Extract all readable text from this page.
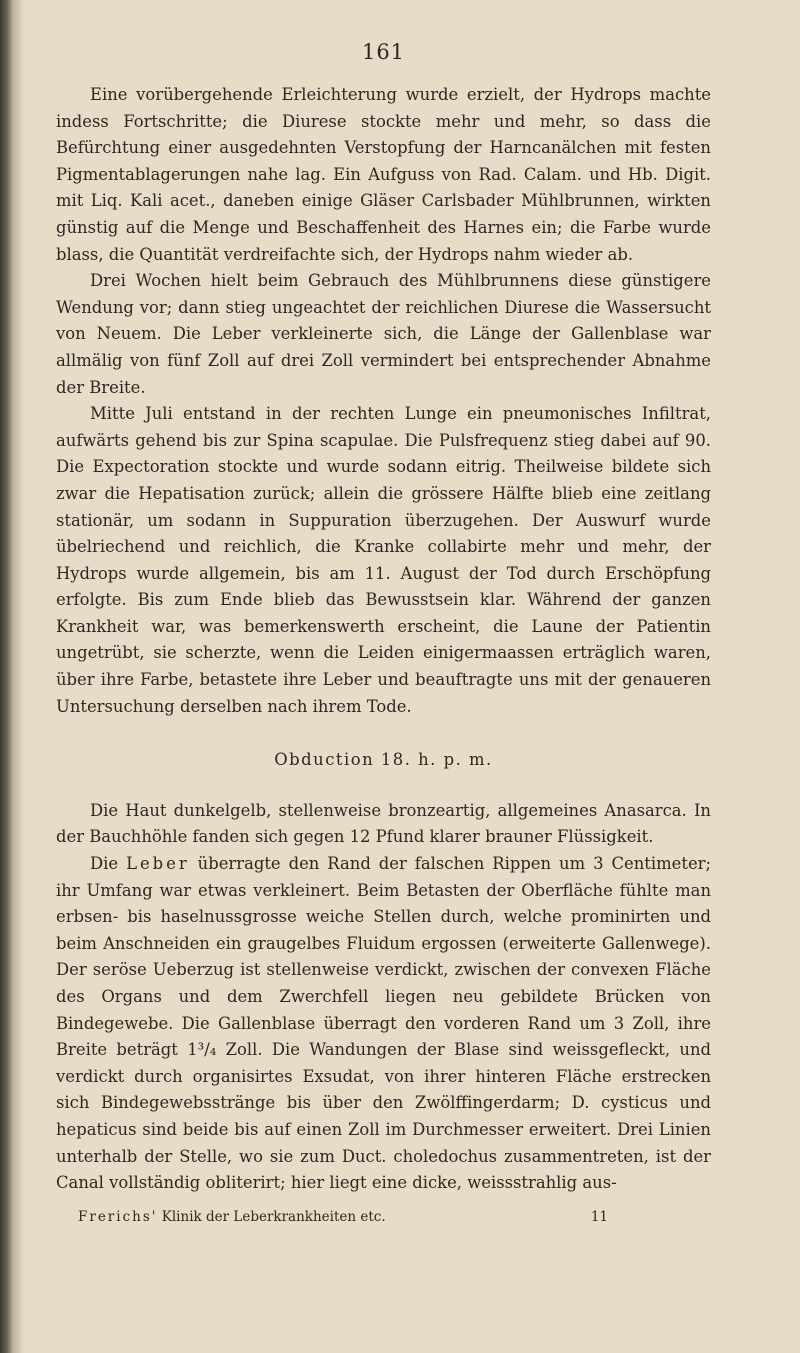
161

Eine vorübergehende Erleichterung wurde erzielt, der Hydrops machte indess Fortschritte; die Diurese stockte mehr und mehr, so dass die Befürchtung einer ausgedehnten Verstopfung der Harncanälchen mit festen Pigmentablagerungen nahe lag. Ein Aufguss von Rad. Calam. und Hb. Digit. mit Liq. Kali acet., daneben einige Gläser Carlsbader Mühlbrunnen, wirkten günstig auf die Menge und Beschaffenheit des Harnes ein; die Farbe wurde blass, die Quantität verdreifachte sich, der Hydrops nahm wieder ab.

Drei Wochen hielt beim Gebrauch des Mühlbrunnens diese günstigere Wendung vor; dann stieg ungeachtet der reichlichen Diurese die Wassersucht von Neuem. Die Leber verkleinerte sich, die Länge der Gallenblase war allmälig von fünf Zoll auf drei Zoll vermindert bei entsprechender Abnahme der Breite.

Mitte Juli entstand in der rechten Lunge ein pneumonisches Infiltrat, aufwärts gehend bis zur Spina scapulae. Die Pulsfrequenz stieg dabei auf 90. Die Expectoration stockte und wurde sodann eitrig. Theilweise bildete sich zwar die Hepatisation zurück; allein die grössere Hälfte blieb eine zeitlang stationär, um sodann in Suppuration überzugehen. Der Auswurf wurde übelriechend und reichlich, die Kranke collabirte mehr und mehr, der Hydrops wurde allgemein, bis am 11. August der Tod durch Erschöpfung erfolgte. Bis zum Ende blieb das Bewusstsein klar. Während der ganzen Krankheit war, was bemerkenswerth erscheint, die Laune der Patientin ungetrübt, sie scherzte, wenn die Leiden einigermaassen erträglich waren, über ihre Farbe, betastete ihre Leber und beauftragte uns mit der genaueren Untersuchung derselben nach ihrem Tode.

Obduction 18. h. p. m.

Die Haut dunkelgelb, stellenweise bronzeartig, allgemeines Anasarca. In der Bauchhöhle fanden sich gegen 12 Pfund klarer brauner Flüssigkeit.

Die Leber überragte den Rand der falschen Rippen um 3 Centimeter; ihr Umfang war etwas verkleinert. Beim Betasten der Oberfläche fühlte man erbsen- bis haselnussgrosse weiche Stellen durch, welche prominirten und beim Anschneiden ein graugelbes Fluidum ergossen (erweiterte Gallenwege). Der seröse Ueberzug ist stellenweise verdickt, zwischen der convexen Fläche des Organs und dem Zwerchfell liegen neu gebildete Brücken von Bindegewebe. Die Gallenblase überragt den vorderen Rand um 3 Zoll, ihre Breite beträgt 1³/₄ Zoll. Die Wandungen der Blase sind weissgefleckt, und verdickt durch organisirtes Exsudat, von ihrer hinteren Fläche erstrecken sich Bindegewebsstränge bis über den Zwölffingerdarm; D. cysticus und hepaticus sind beide bis auf einen Zoll im Durchmesser erweitert. Drei Linien unterhalb der Stelle, wo sie zum Duct. choledochus zusammentreten, ist der Canal vollständig obliterirt; hier liegt eine dicke, weissstrahlig aus-

Frerichs' Klinik der Leberkrankheiten etc.	11
